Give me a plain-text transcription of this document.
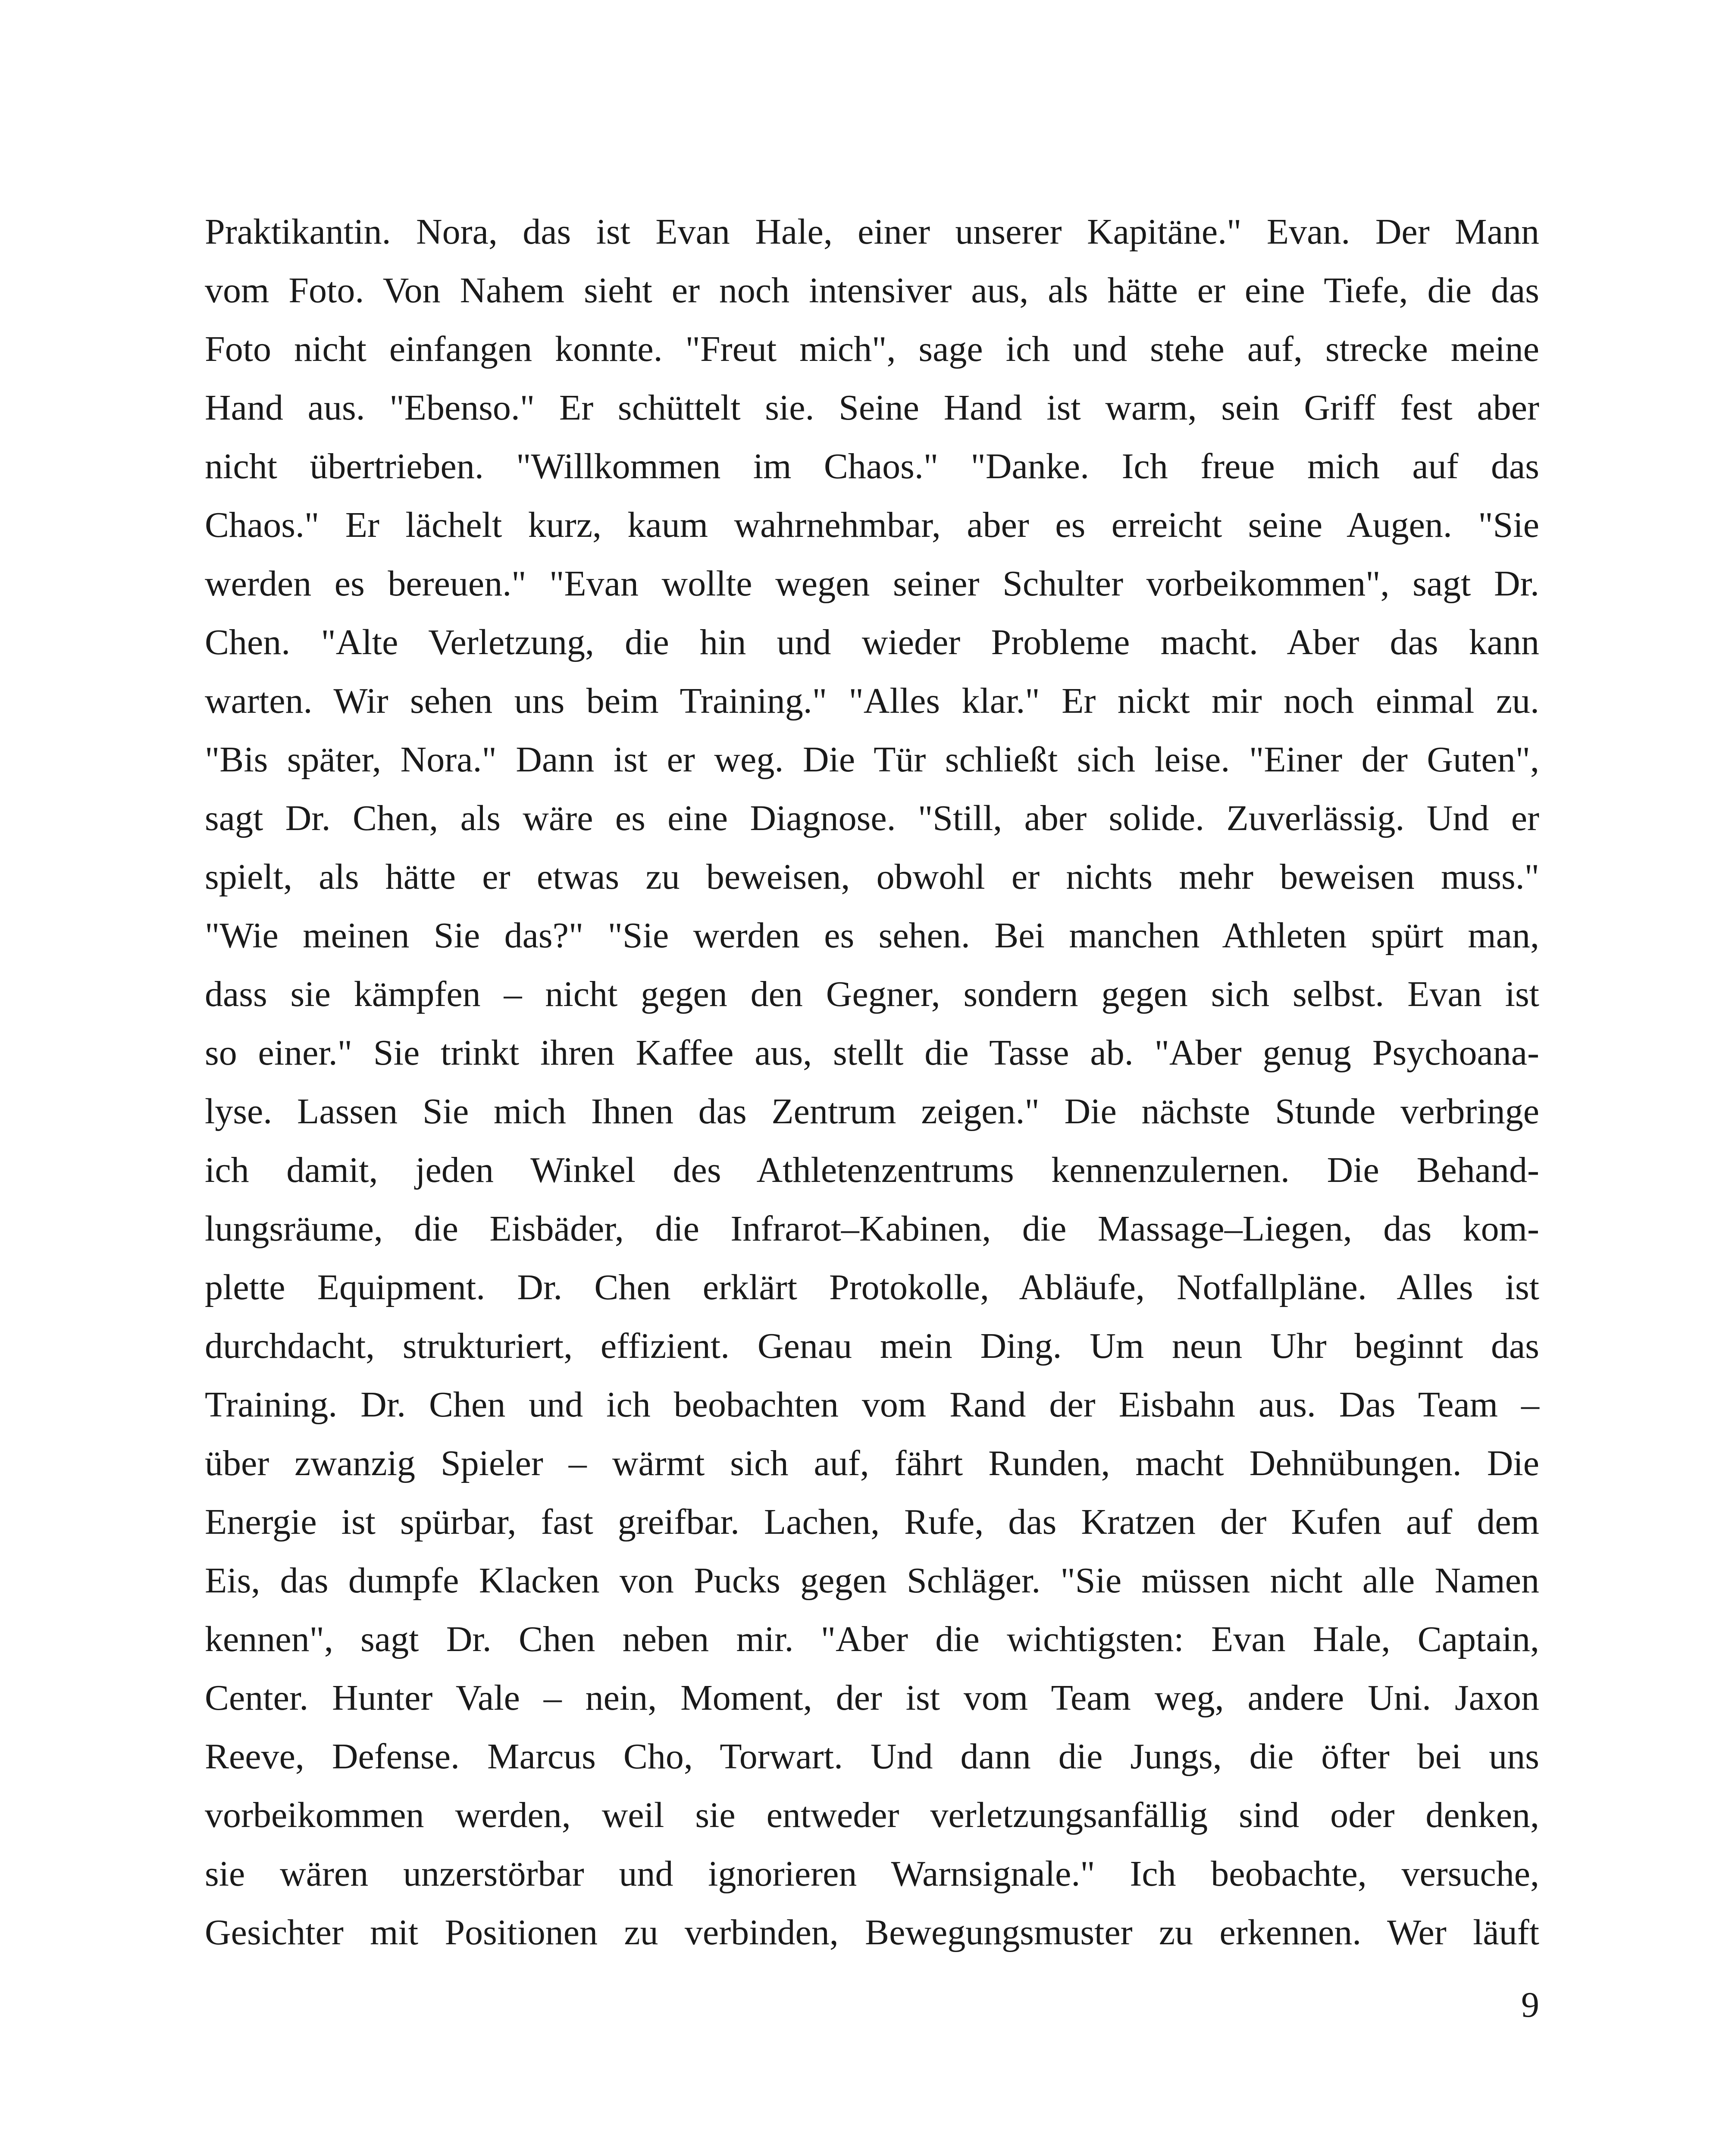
Praktikantin. Nora, das ist Evan Hale, einer unserer Kapitäne." Evan. Der Mann
vom Foto. Von Nahem sieht er noch intensiver aus, als hätte er eine Tiefe, die das
Foto nicht einfangen konnte. "Freut mich", sage ich und stehe auf, strecke meine
Hand aus. "Ebenso." Er schüttelt sie. Seine Hand ist warm, sein Griff fest aber
nicht übertrieben. "Willkommen im Chaos." "Danke. Ich freue mich auf das
Chaos." Er lächelt kurz, kaum wahrnehmbar, aber es erreicht seine Augen. "Sie
werden es bereuen." "Evan wollte wegen seiner Schulter vorbeikommen", sagt Dr.
Chen. "Alte Verletzung, die hin und wieder Probleme macht. Aber das kann
warten. Wir sehen uns beim Training." "Alles klar." Er nickt mir noch einmal zu.
"Bis später, Nora." Dann ist er weg. Die Tür schließt sich leise. "Einer der Guten",
sagt Dr. Chen, als wäre es eine Diagnose. "Still, aber solide. Zuverlässig. Und er
spielt, als hätte er etwas zu beweisen, obwohl er nichts mehr beweisen muss."
"Wie meinen Sie das?" "Sie werden es sehen. Bei manchen Athleten spürt man,
dass sie kämpfen – nicht gegen den Gegner, sondern gegen sich selbst. Evan ist
so einer." Sie trinkt ihren Kaffee aus, stellt die Tasse ab. "Aber genug Psychoana-
lyse. Lassen Sie mich Ihnen das Zentrum zeigen." Die nächste Stunde verbringe
ich damit, jeden Winkel des Athletenzentrums kennenzulernen. Die Behand-
lungsräume, die Eisbäder, die Infrarot–Kabinen, die Massage–Liegen, das kom-
plette Equipment. Dr. Chen erklärt Protokolle, Abläufe, Notfallpläne. Alles ist
durchdacht, strukturiert, effizient. Genau mein Ding. Um neun Uhr beginnt das
Training. Dr. Chen und ich beobachten vom Rand der Eisbahn aus. Das Team –
über zwanzig Spieler – wärmt sich auf, fährt Runden, macht Dehnübungen. Die
Energie ist spürbar, fast greifbar. Lachen, Rufe, das Kratzen der Kufen auf dem
Eis, das dumpfe Klacken von Pucks gegen Schläger. "Sie müssen nicht alle Namen
kennen", sagt Dr. Chen neben mir. "Aber die wichtigsten: Evan Hale, Captain,
Center. Hunter Vale – nein, Moment, der ist vom Team weg, andere Uni. Jaxon
Reeve, Defense. Marcus Cho, Torwart. Und dann die Jungs, die öfter bei uns
vorbeikommen werden, weil sie entweder verletzungsanfällig sind oder denken,
sie wären unzerstörbar und ignorieren Warnsignale." Ich beobachte, versuche,
Gesichter mit Positionen zu verbinden, Bewegungsmuster zu erkennen. Wer läuft
9
